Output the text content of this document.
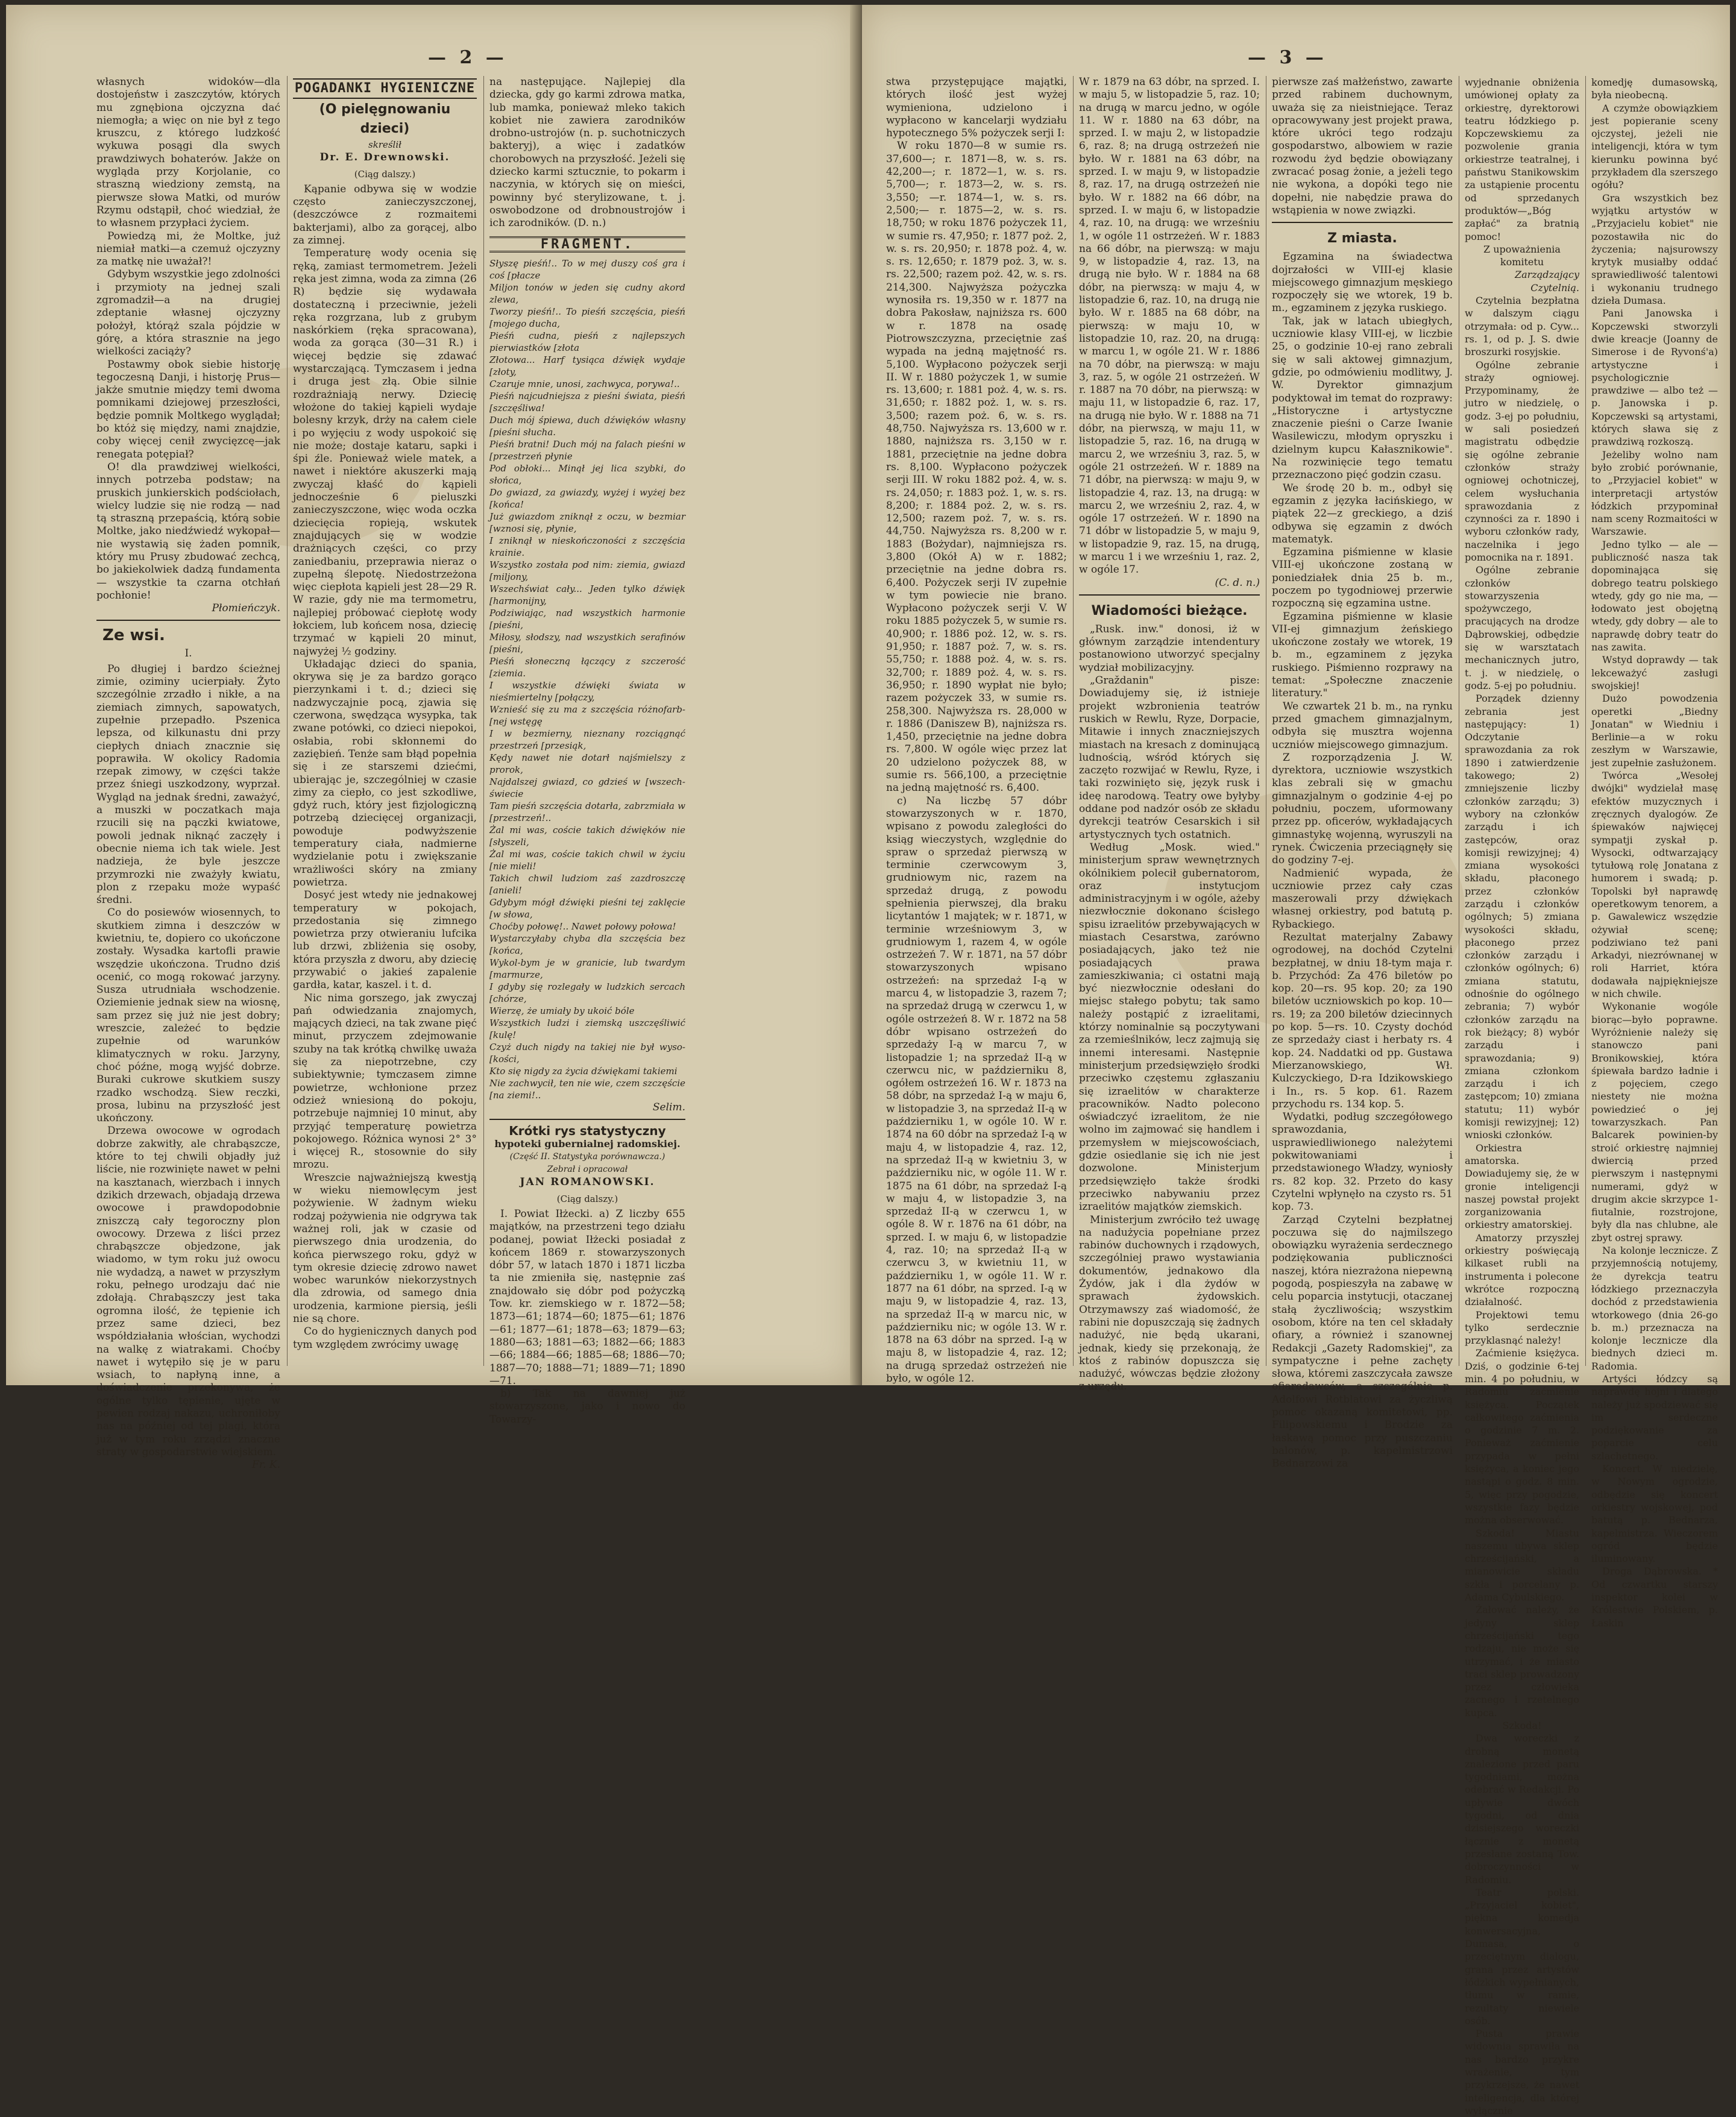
— 2 —

własnych widoków—dla dostojeństw i zaszczytów, których mu zgnębiona ojczyzna dać niemogła; a więc on nie był z tego kruszcu, z którego ludzkość wykuwa posągi dla swych prawdziwych bohaterów. Jakże on wygląda przy Korjolanie, co straszną wiedziony zemstą, na pierwsze słowa Matki, od murów Rzymu odstąpił, choć wiedział, że to własnem przypłaci życiem.

Powiedzą mi, że Moltke, już niemiał matki—a czemuż ojczyzny za matkę nie uważał?!

Gdybym wszystkie jego zdolności i przymioty na jednej szali zgromadził—a na drugiej zdeptanie własnej ojczyzny położył, którąż szala pójdzie w górę, a która strasznie na jego wielkości zaciąży?

Postawmy obok siebie historję tegoczesną Danji, i historję Prus—jakże smutnie między temi dwoma pomnikami dziejowej przeszłości, będzie pomnik Moltkego wyglądał; bo któż się między, nami znajdzie, coby więcej cenił zwycięzcę—jak renegata potępiał?

O! dla prawdziwej wielkości, innych potrzeba podstaw; na pruskich junkierskich podściołach, wielcy ludzie się nie rodzą — nad tą straszną przepaścią, którą sobie Moltke, jako niedźwiedź wykopał—nie wystawią się żaden pomnik, który mu Prusy zbudować zechcą, bo jakiekolwiek dadzą fundamenta — wszystkie ta czarna otchłań pochłonie!

Płomieńczyk.
Ze wsi.
I.

Po długiej i bardzo ścieżnej zimie, oziminy ucierpiały. Żyto szczególnie zrzadło i nikłe, a na ziemiach zimnych, sapowatych, zupełnie przepadło. Pszenica lepsza, od kilkunastu dni przy ciepłych dniach znacznie się poprawiła. W okolicy Radomia rzepak zimowy, w części także przez śniegi uszkodzony, wyprzał. Wygląd na jednak średni, zaważyć, a muszki w poczatkach maja rzucili się na pączki kwiatowe, powoli jednak niknąć zaczęły i obecnie niema ich tak wiele. Jest nadzieja, że byle jeszcze przymrozki nie zważyły kwiatu, plon z rzepaku może wypaść średni.

Co do posiewów wiosennych, to skutkiem zimna i deszczów w kwietniu, te, dopiero co ukończone zostały. Wysadka kartofli prawie wszędzie ukończona. Trudno dziś ocenić, co mogą rokować jarzyny. Susza utrudniała wschodzenie. Oziemienie jednak siew na wiosnę, sam przez się już nie jest dobry; wreszcie, zależeć to będzie zupełnie od warunków klimatycznych w roku. Jarzyny, choć późne, mogą wyjść dobrze. Buraki cukrowe skutkiem suszy rzadko wschodzą. Siew reczki, prosa, lubinu na przyszłość jest ukończony.

Drzewa owocowe w ogrodach dobrze zakwitły, ale chrabąszcze, które to tej chwili objadły już liście, nie rozwinięte nawet w pełni na kasztanach, wierzbach i innych dzikich drzewach, objadają drzewa owocowe i prawdopodobnie zniszczą cały tegoroczny plon owocowy. Drzewa z liści przez chrabąszcze objedzone, jak wiadomo, w tym roku już owocu nie wydadzą, a nawet w przyszłym roku, pełnego urodzaju dać nie zdołają. Chrabąszczy jest taka ogromna ilość, że tępienie ich przez same dzieci, bez współdziałania włościan, wychodzi na walkę z wiatrakami. Choćby nawet i wytępiło się je w paru wsiach, to napłyną inne, a doświadczenie przekonywa, że ogólne tylko tępienie, ujęte w pewien rodzaj nakazu, uchroniłoby nas na później od tej plagi, która już w tym roku zrządzi znaczne straty w gospodarstwie wiejskiem.

Fr. K.
POGADANKI HYGIENICZNE
(O pielęgnowaniu dzieci)
skreślił
Dr. E. Drewnowski.
(Ciąg dalszy.)

Kąpanie odbywa się w wodzie często zanieczyszczonej, (deszczówce z rozmaitemi bakterjami), albo za gorącej, albo za zimnej.

Temperaturę wody ocenia się ręką, zamiast termometrem. Jeżeli ręka jest zimna, woda za zimna (26 R) będzie się wydawała dostateczną i przeciwnie, jeżeli ręka rozgrzana, lub z grubym naskórkiem (ręka spracowana), woda za gorąca (30—31 R.) i więcej będzie się zdawać wystarczającą. Tymczasem i jedna i druga jest złą. Obie silnie rozdrażniają nerwy. Dziecię włożone do takiej kąpieli wydaje bolesny krzyk, drży na całem ciele i po wyjęciu z wody uspokoić się nie może; dostaje kataru, sapki i śpi źle. Ponieważ wiele matek, a nawet i niektóre akuszerki mają zwyczaj kłaść do kąpieli jednocześnie 6 pieluszki zanieczyszczone, więc woda oczka dziecięcia ropieją, wskutek znajdujących się w wodzie drażniących części, co przy zaniedbaniu, przeprawia nieraz o zupełną ślepotę. Niedostrzeżona więc ciepłota kąpieli jest 28—29 R. W razie, gdy nie ma termometru, najlepiej próbować ciepłotę wody łokciem, lub końcem nosa, dziecię trzymać w kąpieli 20 minut, najwyżej ½ godziny.

Układając dzieci do spania, okrywa się je za bardzo gorąco pierzynkami i t. d.; dzieci się nadzwyczajnie pocą, zjawia się czerwona, swędząca wysypka, tak zwane potówki, co dzieci niepokoi, osłabia, robi skłonnemi do zaziębień. Tenże sam błąd popełnia się i ze starszemi dziećmi, ubierając je, szczególniej w czasie zimy za ciepło, co jest szkodliwe, gdyż ruch, który jest fizjologiczną potrzebą dziecięcej organizacji, powoduje podwyższenie temperatury ciała, nadmierne wydzielanie potu i zwiększanie wrażliwości skóry na zmiany powietrza.

Dosyć jest wtedy nie jednakowej temperatury w pokojach, przedostania się zimnego powietrza przy otwieraniu lufcika lub drzwi, zbliżenia się osoby, która przyszła z dworu, aby dziecię przywabić o jakieś zapalenie gardła, katar, kaszel. i t. d.

Nic nima gorszego, jak zwyczaj pań odwiedzania znajomych, mających dzieci, na tak zwane pięć minut, przyczem zdejmowanie szuby na tak krótką chwilkę uważa się za niepotrzebne, czy subiektywnie; tymczasem zimne powietrze, wchłonione przez odzież wniesioną do pokoju, potrzebuje najmniej 10 minut, aby przyjąć temperaturę powietrza pokojowego. Różnica wynosi 2° 3° i więcej R., stosownie do siły mrozu.

Wreszcie najważniejszą kwestją w wieku niemowlęcym jest pożywienie. W żadnym wieku rodzaj pożywienia nie odgrywa tak ważnej roli, jak w czasie od pierwszego dnia urodzenia, do końca pierwszego roku, gdyż w tym okresie dziecię zdrowo nawet wobec warunków niekorzystnych dla zdrowia, od samego dnia urodzenia, karmione piersią, jeśli nie są chore.

Co do hygienicznych danych pod tym względem zwrócimy uwagę

na następujące. Najlepiej dla dziecka, gdy go karmi zdrowa matka, lub mamka, ponieważ mleko takich kobiet nie zawiera zarodników drobno-ustrojów (n. p. suchotniczych bakteryj), a więc i zadatków chorobowych na przyszłość. Jeżeli się dziecko karmi sztucznie, to pokarm i naczynia, w których się on mieści, powinny być sterylizowane, t. j. oswobodzone od drobnoustrojów i ich zarodników. (D. n.)

FRAGMENT.

Słyszę pieśń!.. To w mej duszy coś gra i coś [płacze

Miljon tonów w jeden się cudny akord zlewa,

Tworzy pieśń!.. To pieśń szczęścia, pieśń [mojego ducha,

Pieśń cudna, pieśń z najlepszych pierwiastków [złota

Złotowa... Harf tysiąca dźwięk wydaje [złoty,

Czaruje mnie, unosi, zachwyca, porywa!..

Pieśń najcudniejsza z pieśni świata, pieśń [szczęśliwa!

Duch mój śpiewa, duch dźwięków własny [pieśni słucha.

Pieśń bratni! Duch mój na falach pieśni w [przestrzeń płynie

Pod obłoki... Minął jej lica szybki, do słońca,

Do gwiazd, za gwiazdy, wyżej i wyżej bez [końca!

Już gwiazdom zniknął z oczu, w bezmiar [wznosi się, płynie,

I zniknął w nieskończoności z szczęścia krainie.

Wszystko została pod nim: ziemia, gwiazd [miljony,

Wszechświat cały... Jeden tylko dźwięk [harmonijny,

Podziwiając, nad wszystkich harmonie [pieśni,

Miłosy, słodszy, nad wszystkich serafinów [pieśni,

Pieśń słoneczną łączący z szczerość [ziemia.

I wszystkie dźwięki świata w nieśmiertelny [połączy,

Wznieść się zu ma z szczęścia różnofarb- [nej wstęgę

I w bezmierny, nieznany rozciągnąć przestrzeń [przesiąk,

Kędy nawet nie dotarł najśmielszy z prorok,

Najdalszej gwiazd, co gdzieś w [wszech- świecie

Tam pieśń szczęścia dotarła, zabrzmiała w [przestrzeń!..

Żal mi was, coście takich dźwięków nie [słyszeli,

Żal mi was, coście takich chwil w życiu [nie mieli!

Takich chwil ludziom zaś zazdroszczę [anieli!

Gdybym mógł dźwięki pieśni tej zaklęcie [w słowa,

Choćby połowę!.. Nawet połowy połowa!

Wystarczyłaby chyba dla szczęścia bez [końca,

Wykol-bym je w granicie, lub twardym [marmurze,

I gdyby się rozlegały w ludzkich sercach [chórze,

Wierzę, że umiały by ukoić bóle

Wszystkich ludzi i ziemską uszczęśliwić [kulę!

Czyż duch nigdy na takiej nie był wyso- [kości,

Kto się nigdy za życia dźwiękami takiemi

Nie zachwycił, ten nie wie, czem szczęście [na ziemi!..

Selim.
Krótki rys statystyczny
hypoteki gubernialnej radomskiej.
(Część II. Statystyka porównawcza.)
Zebrał i opracował
JAN ROMANOWSKI.
(Ciąg dalszy.)

I. Powiat Iłżecki. a) Z liczby 655 majątków, na przestrzeni tego działu podanej, powiat Iłżecki posiadał z końcem 1869 r. stowarzyszonych dóbr 57, w latach 1870 i 1871 liczba ta nie zmieniła się, następnie zaś znajdowało się dóbr pod pożyczką Tow. kr. ziemskiego w r. 1872—58; 1873—61; 1874—60; 1875—61; 1876—61; 1877—61; 1878—63; 1879—63; 1880—63; 1881—63; 1882—66; 1883—66; 1884—66; 1885—68; 1886—70; 1887—70; 1888—71; 1889—71; 1890—71.

b) Tak na dawniej już stowarzyszone, jako i nowo do Towarzy-

— 3 —

stwa przystępujące majątki, których ilość jest wyżej wymieniona, udzielono i wypłacono w kancelarji wydziału hypotecznego 5% pożyczek serji I:

W roku 1870—8 w sumie rs. 37,600—; r. 1871—8, w. s. rs. 42,200—; r. 1872—1, w. s. rs. 5,700—; r. 1873—2, w. s. rs. 3,550; —r. 1874—1, w. s. rs. 2,500;— r. 1875—2, w. s. rs. 18,750; w roku 1876 pożyczek 11, w sumie rs. 47,950; r. 1877 poż. 2, w. s. rs. 20,950; r. 1878 poż. 4, w. s. rs. 12,650; r. 1879 poż. 3, w. s. rs. 22,500; razem poż. 42, w. s. rs. 214,300. Najwyższa pożyczka wynosiła rs. 19,350 w r. 1877 na dobra Pakosław, najniższa rs. 600 w r. 1878 na osadę Piotrowszczyzna, przeciętnie zaś wypada na jedną majętność rs. 5,100. Wypłacono pożyczek serji II. W r. 1880 pożyczek 1, w sumie rs. 13,600; r. 1881 poż. 4, w. s. rs. 31,650; r. 1882 poż. 1, w. s. rs. 3,500; razem poż. 6, w. s. rs. 48,750. Najwyższa rs. 13,600 w r. 1880, najniższa rs. 3,150 w r. 1881, przeciętnie na jedne dobra rs. 8,100. Wypłacono pożyczek serji III. W roku 1882 poż. 4, w. s. rs. 24,050; r. 1883 poż. 1, w. s. rs. 8,200; r. 1884 poż. 2, w. s. rs. 12,500; razem poż. 7, w. s. rs. 44,750. Najwyższa rs. 8,200 w r. 1883 (Bożydar), najmniejsza rs. 3,800 (Okół A) w r. 1882; przeciętnie na jedne dobra rs. 6,400. Pożyczek serji IV zupełnie w tym powiecie nie brano. Wypłacono pożyczek serji V. W roku 1885 pożyczek 5, w sumie rs. 40,900; r. 1886 poż. 12, w. s. rs. 91,950; r. 1887 poż. 7, w. s. rs. 55,750; r. 1888 poż. 4, w. s. rs. 32,700; r. 1889 poż. 4, w. s. rs. 36,950; r. 1890 wypłat nie było; razem pożyczek 33, w sumie rs. 258,300. Najwyższa rs. 28,000 w r. 1886 (Daniszew B), najniższa rs. 1,450, przeciętnie na jedne dobra rs. 7,800. W ogóle więc przez lat 20 udzielono pożyczek 88, w sumie rs. 566,100, a przeciętnie na jedną majętność rs. 6,400.

c) Na liczbę 57 dóbr stowarzyszonych w r. 1870, wpisano z powodu zaległości do ksiąg wieczystych, względnie do spraw o sprzedaż pierwszą w terminie czerwcowym 3, grudniowym nic, razem na sprzedaż drugą, z powodu spełnienia pierwszej, dla braku licytantów 1 majątek; w r. 1871, w terminie wrześniowym 3, w grudniowym 1, razem 4, w ogóle ostrzeżeń 7. W r. 1871, na 57 dóbr stowarzyszonych wpisano ostrzeżeń: na sprzedaż I-ą w marcu 4, w listopadzie 3, razem 7; na sprzedaż drugą w czerwcu 1, w ogóle ostrzeżeń 8. W r. 1872 na 58 dóbr wpisano ostrzeżeń do sprzedaży I-ą w marcu 7, w listopadzie 1; na sprzedaż II-ą w czerwcu nic, w październiku 8, ogółem ostrzeżeń 16. W r. 1873 na 58 dóbr, na sprzedaż I-ą w maju 6, w listopadzie 3, na sprzedaż II-ą w październiku 1, w ogóle 10. W r. 1874 na 60 dóbr na sprzedaż I-ą w maju 4, w listopadzie 4, raz. 12, na sprzedaż II-ą w kwietniu 3, w październiku nic, w ogóle 11. W r. 1875 na 61 dóbr, na sprzedaż I-ą w maju 4, w listopadzie 3, na sprzedaż II-ą w czerwcu 1, w ogóle 8. W r. 1876 na 61 dóbr, na sprzed. I. w maju 6, w listopadzie 4, raz. 10; na sprzedaż II-ą w czerwcu 3, w kwietniu 11, w październiku 1, w ogóle 11. W r. 1877 na 61 dóbr, na sprzed. I-ą w maju 9, w listopadzie 4, raz. 13, na sprzedaż II-ą w marcu nic, w październiku nic; w ogóle 13. W r. 1878 na 63 dóbr na sprzed. I-ą w maju 8, w listopadzie 4, raz. 12; na drugą sprzedaż ostrzeżeń nie było, w ogóle 12.

W r. 1879 na 63 dóbr, na sprzed. I. w maju 5, w listopadzie 5, raz. 10; na drugą w marcu jedno, w ogóle 11. W r. 1880 na 63 dóbr, na sprzed. I. w maju 2, w listopadzie 6, raz. 8; na drugą ostrzeżeń nie było. W r. 1881 na 63 dóbr, na sprzed. I. w maju 9, w listopadzie 8, raz. 17, na drugą ostrzeżeń nie było. W r. 1882 na 66 dóbr, na sprzed. I. w maju 6, w listopadzie 4, raz. 10, na drugą: we wrześniu 1, w ogóle 11 ostrzeżeń. W r. 1883 na 66 dóbr, na pierwszą: w maju 9, w listopadzie 4, raz. 13, na drugą nie było. W r. 1884 na 68 dóbr, na pierwszą: w maju 4, w listopadzie 6, raz. 10, na drugą nie było. W r. 1885 na 68 dóbr, na pierwszą: w maju 10, w listopadzie 10, raz. 20, na drugą: w marcu 1, w ogóle 21. W r. 1886 na 70 dóbr, na pierwszą: w maju 3, raz. 5, w ogóle 21 ostrzeżeń. W r. 1887 na 70 dóbr, na pierwszą: w maju 11, w listopadzie 6, raz. 17, na drugą nie było. W r. 1888 na 71 dóbr, na pierwszą, w maju 11, w listopadzie 5, raz. 16, na drugą w marcu 2, we wrześniu 3, raz. 5, w ogóle 21 ostrzeżeń. W r. 1889 na 71 dóbr, na pierwszą: w maju 9, w listopadzie 4, raz. 13, na drugą: w marcu 2, we wrześniu 2, raz. 4, w ogóle 17 ostrzeżeń. W r. 1890 na 71 dóbr w listopadzie 5, w maju 9, w listopadzie 9, raz. 15, na drugą, w marcu 1 i we wrześniu 1, raz. 2, w ogóle 17.

(C. d. n.)
Wiadomości bieżące.

„Rusk. inw." donosi, iż w głównym zarządzie intendentury postanowiono utworzyć specjalny wydział mobilizacyjny.

„Graždanin" pisze: Dowiadujemy się, iż istnieje projekt wzbronienia teatrów ruskich w Rewlu, Ryze, Dorpacie, Mitawie i innych znaczniejszych miastach na kresach z dominującą ludnością, wśród których się zaczęto rozwijać w Rewlu, Ryze, i taki rozwinięto się, język rusk i ideę narodową. Teatry owe byłyby oddane pod nadzór osób ze składu dyrekcji teatrów Cesarskich i sił artystycznych tych ostatnich.

Według „Mosk. wied." ministerjum spraw wewnętrznych okólnikiem polecił gubernatorom, oraz instytucjom administracyjnym i w ogóle, ażeby niezwłocznie dokonano ścisłego spisu izraelitów przebywających w miastach Cesarstwa, zarówno posiadających, jako też nie posiadających prawa zamieszkiwania; ci ostatni mają być niezwłocznie odesłani do miejsc stałego pobytu; tak samo należy postąpić z izraelitami, którzy nominalnie są poczytywani za rzemieślników, lecz zajmują się innemi interesami. Następnie ministerjum przedsięwzięło środki przeciwko częstemu zgłaszaniu się izraelitów w charakterze pracowników. Nadto polecono oświadczyć izraelitom, że nie wolno im zajmować się handlem i przemysłem w miejscowościach, gdzie osiedlanie się ich nie jest dozwolone. Ministerjum przedsięwzięło także środki przeciwko nabywaniu przez izraelitów majątków ziemskich.

Ministerjum zwróciło też uwagę na nadużycia popełniane przez rabinów duchownych i rządowych, szczególniej prawo wystawiania dokumentów, jednakowo dla Żydów, jak i dla żydów w sprawach żydowskich. Otrzymawszy zaś wiadomość, że rabini nie dopuszczają się żadnych nadużyć, nie będą ukarani, jednak, kiedy się przekonają, że ktoś z rabinów dopuszcza się nadużyć, wówczas będzie złożony z urzędu.

pierwsze zaś małżeństwo, zawarte przed rabinem duchownym, uważa się za nieistniejące. Teraz opracowywany jest projekt prawa, które ukróci tego rodzaju gospodarstwo, albowiem w razie rozwodu żyd będzie obowiązany zwracać posag żonie, a jeżeli tego nie wykona, a dopóki tego nie dopełni, nie nabędzie prawa do wstąpienia w nowe związki.

Z miasta.

Egzamina na świadectwa dojrzałości w VIII-ej klasie miejscowego gimnazjum męskiego rozpoczęły się we wtorek, 19 b. m., egzaminem z języka ruskiego.

Tak, jak w latach ubiegłych, uczniowie klasy VIII-ej, w liczbie 25, o godzinie 10-ej rano zebrali się w sali aktowej gimnazjum, gdzie, po odmówieniu modlitwy, J. W. Dyrektor gimnazjum podyktował im temat do rozprawy: „Historyczne i artystyczne znaczenie pieśni o Carze Iwanie Wasilewiczu, młodym opryszku i dzielnym kupcu Kałasznikowie". Na rozwinięcie tego tematu przeznaczono pięć godzin czasu.

We środę 20 b. m., odbył się egzamin z języka łacińskiego, w piątek 22—z greckiego, a dziś odbywa się egzamin z dwóch matematyk.

Egzamina piśmienne w klasie VIII-ej ukończone zostaną w poniedziałek dnia 25 b. m., poczem po tygodniowej przerwie rozpoczną się egzamina ustne.

Egzamina piśmienne w klasie VII-ej gimnazjum żeńskiego ukończone zostały we wtorek, 19 b. m., egzaminem z języka ruskiego. Piśmienno rozprawy na temat: „Społeczne znaczenie literatury."

We czwartek 21 b. m., na rynku przed gmachem gimnazjalnym, odbyła się musztra wojenna uczniów miejscowego gimnazjum.

Z rozporządzenia J. W. dyrektora, uczniowie wszystkich klas zebrali się w gmachu gimnazjalnym o godzinie 4-ej po południu, poczem, uformowany przez pp. oficerów, wykładających gimnastykę wojenną, wyruszyli na rynek. Ćwiczenia przeciągnęły się do godziny 7-ej.

Nadmienić wypada, że uczniowie przez cały czas maszerowali przy dźwiękach własnej orkiestry, pod batutą p. Rybackiego.

Rezultat materjalny Zabawy ogrodowej, na dochód Czytelni bezpłatnej, w dniu 18-tym maja r. b. Przychód: Za 476 biletów po kop. 20—rs. 95 kop. 20; za 190 biletów uczniowskich po kop. 10—rs. 19; za 200 biletów dziecinnych po kop. 5—rs. 10. Czysty dochód ze sprzedaży ciast i herbaty rs. 4 kop. 24. Naddatki od pp. Gustawa Mierzanowskiego, Wł. Kulczyckiego, D-ra Idzikowskiego i In., rs. 5 kop. 61. Razem przychodu rs. 134 kop. 5.

Wydatki, podług szczegółowego sprawozdania, usprawiedliwionego należytemi pokwitowaniami i przedstawionego Władzy, wyniosły rs. 82 kop. 32. Przeto do kasy Czytelni wpłynęło na czysto rs. 51 kop. 73.

Zarząd Czytelni bezpłatnej poczuwa się do najmilszego obowiązku wyrażenia serdecznego podziękowania publiczności naszej, która niezrażona niepewną pogodą, pospieszyła na zabawę w celu poparcia instytucji, otaczanej stałą życzliwością; wszystkim osobom, które na ten cel składały ofiary, a również i szanownej Redakcji „Gazety Radomskiej", za sympatyczne i pełne zachęty słowa, któremi zaszczycała zawsze ofiarodawców, a szczególnie p. Adolfowi Rotblatowi za życzliwą pomoc okazaną komitetowi, pp. Filipowskiemu i Brodzie za łaskawą pomoc przy puszczaniu balonów, p. kapelmistrzowi Bednarzowi za

wyjednanie obniżenia umówionej opłaty za orkiestrę, dyrektorowi teatru łódzkiego p. Kopczewskiemu za pozwolenie grania orkiestrze teatralnej, i państwu Stanikowskim za ustąpienie procentu od sprzedanych produktów—„Bóg zapłać" za bratnią pomoc!

Z upoważnienia komitetu
Zarządzający Czytelnią.

Czytelnia bezpłatna w dalszym ciągu otrzymała: od p. Cyw... rs. 1, od p. J. S. dwie broszurki rosyjskie.

Ogólne zebranie straży ogniowej. Przypominamy, że jutro w niedzielę, o godz. 3-ej po południu, w sali posiedzeń magistratu odbędzie się ogólne zebranie członków straży ogniowej ochotniczej, celem wysłuchania sprawozdania z czynności za r. 1890 i wyboru członków rady, naczelnika i jego pomocnika na r. 1891.

Ogólne zebranie członków stowarzyszenia spożywczego, pracujących na drodze Dąbrowskiej, odbędzie się w warsztatach mechanicznych jutro, t. j. w niedzielę, o godz. 5-ej po południu.

Porządek dzienny zebrania jest następujący: 1) Odczytanie sprawozdania za rok 1890 i zatwierdzenie takowego; 2) zmniejszenie liczby członków zarządu; 3) wybory na członków zarządu i ich zastępców, oraz komisji rewizyjnej; 4) zmiana wysokości składu, płaconego przez członków zarządu i członków ogólnych; 5) zmiana wysokości składu, płaconego przez członków zarządu i członków ogólnych; 6) zmiana statutu, odnośnie do ogólnego zebrania; 7) wybór członków zarządu na rok bieżący; 8) wybór zarządu i sprawozdania; 9) zmiana członkom zarządu i ich zastępcom; 10) zmiana statutu; 11) wybór komisji rewizyjnej; 12) wnioski członków.

Orkiestra amatorska. Dowiadujemy się, że w gronie inteligencji naszej powstał projekt zorganizowania orkiestry amatorskiej.

Amatorzy przyszłej orkiestry poświęcają kilkaset rubli na instrumenta i polecone wkrótce rozpoczną działalność.

Projektowi temu tylko serdecznie przyklasnąć należy!

Zaćmienie księżyca. Dziś, o godzinie 6-tej min. 4 po południu, w Radomiu zaćmienie księżyca. Początek całkowitego zaćmienia o godzinie 7 m. 2. Ponieważ zaćmienie przypada w pełni księżyca, a koniec jego nastąpi o godz. 8 min. 5, więc przy pogodzie, wszystkie fazy będzie można obserwować.

Szkoda! Miastu naszemu ubywa sklep chrześcijański, a mianowicie składu szkła i porcelany p. Adama Cybulskiego.

Żałować należy, że jedyny sklep chrześcijański tego rodzaju, nie może się utrzymać, i że miasto traci sklep prowadzony przez człowieka zacnego i rzetelnego kupca.

Szkoda!

Dwa woreczki z drobną monetą znalezione przed paru tygodniami, można odebrać w Redakcji. Po upływie dwóch tygodni, od dnia dzisiejszego woreczki łącznie z monetą przesłane zostaną Tow. dobroczynności w Radomiu.

Teatr polski. „Przyjaciel kobiet", piękna komedja konwersacyjna, Dumasa, o przeciętnym dialogu, grana przez artystów łódzkich wypełnianych, tłumu w ramie, rezultaty niewiele osób.

Pusta prawie widownia sprawiła na nas bardzo przykre wrażenie, tym przykrzejsze, że nawet inteligencja, dla której wyłącznie

komedję dumasowską, była nieobecną.

A czymże obowiązkiem jest popieranie sceny ojczystej, jeżeli nie inteligencji, która w tym kierunku powinna być przykładem dla szerszego ogółu?

Gra wszystkich bez wyjątku artystów w „Przyjacielu kobiet" nie pozostawiła nic do życzenia; najsurowszy krytyk musiałby oddać sprawiedliwość talentowi i wykonaniu trudnego dzieła Dumasa.

Pani Janowska i Kopczewski stworzyli dwie kreacje (Joanny de Simerose i de Ryvonś'a) artystyczne i psychologicznie prawdziwe — albo też — p. Janowska i p. Kopczewski są artystami, których sława się z prawdziwą rozkoszą.

Jeżeliby wolno nam było zrobić porównanie, to „Przyjaciel kobiet" w interpretacji artystów łódzkich przypominał nam sceny Rozmaitości w Warszawie.

Jedno tylko — ale — publiczność nasza tak dopominająca się dobrego teatru polskiego wtedy, gdy go nie ma, — łodowato jest obojętną wtedy, gdy dobry — ale to naprawdę dobry teatr do nas zawita.

Wstyd doprawdy — tak lekceważyć zasługi swojskiej!

Dużo powodzenia operetki „Biedny Jonatan" w Wiedniu i Berlinie—a w roku zeszłym w Warszawie, jest zupełnie zasłużonem.

Twórca „Wesołej dwójki" wydzielał masę efektów muzycznych i zręcznych dyalogów. Ze śpiewaków najwięcej sympatji zyskał p. Wysocki, odtwarzający tytułową rolę Jonatana z humorem i swadą; p. Topolski był naprawdę operetkowym tenorem, a p. Gawalewicz wszędzie ożywiał scenę; podziwiano też pani Arkadyi, niezrównanej w roli Harriet, która dodawała najpiękniejsze w nich chwile.

Wykonanie wogóle biorąc—było poprawne. Wyróżnienie należy się stanowczo pani Bronikowskiej, która śpiewała bardzo ładnie i z pojęciem, czego niestety nie można powiedzieć o jej towarzyszkach. Pan Balcarek powinien-by stroić orkiestrę najmniej dwiercią przed pierwszym i następnymi numerami, gdyż w drugim akcie skrzypce 1-fiutalnie, rozstrojone, były dla nas chlubne, ale zbyt ostrej sprawy.

Na kolonje lecznicze. Z przyjemnością notujemy, że dyrekcja teatru łódzkiego przeznaczyła dochód z przedstawienia wtorkowego (dnia 26-go b. m.) przeznacza na kolonje lecznicze dla biednych dzieci m. Radomia.

Artyści łódzcy są naprawdę hojni i dlatego należy już spodziewać się im serdeczne podziękowanie za poparcie celu szlachetnego.

Koncert. W niedzielę, w Nowym ogrodzie, odbędzie się koncert orkiestry wojskowej, pod batutą p. Bednarza, kapelmistrza. Wieczorem ogród będzie iluminowany.

Droga Dąbrowska. * Od czwartku starszy inspektor kolei w Królestwie Polskiem, p. Łaskin
